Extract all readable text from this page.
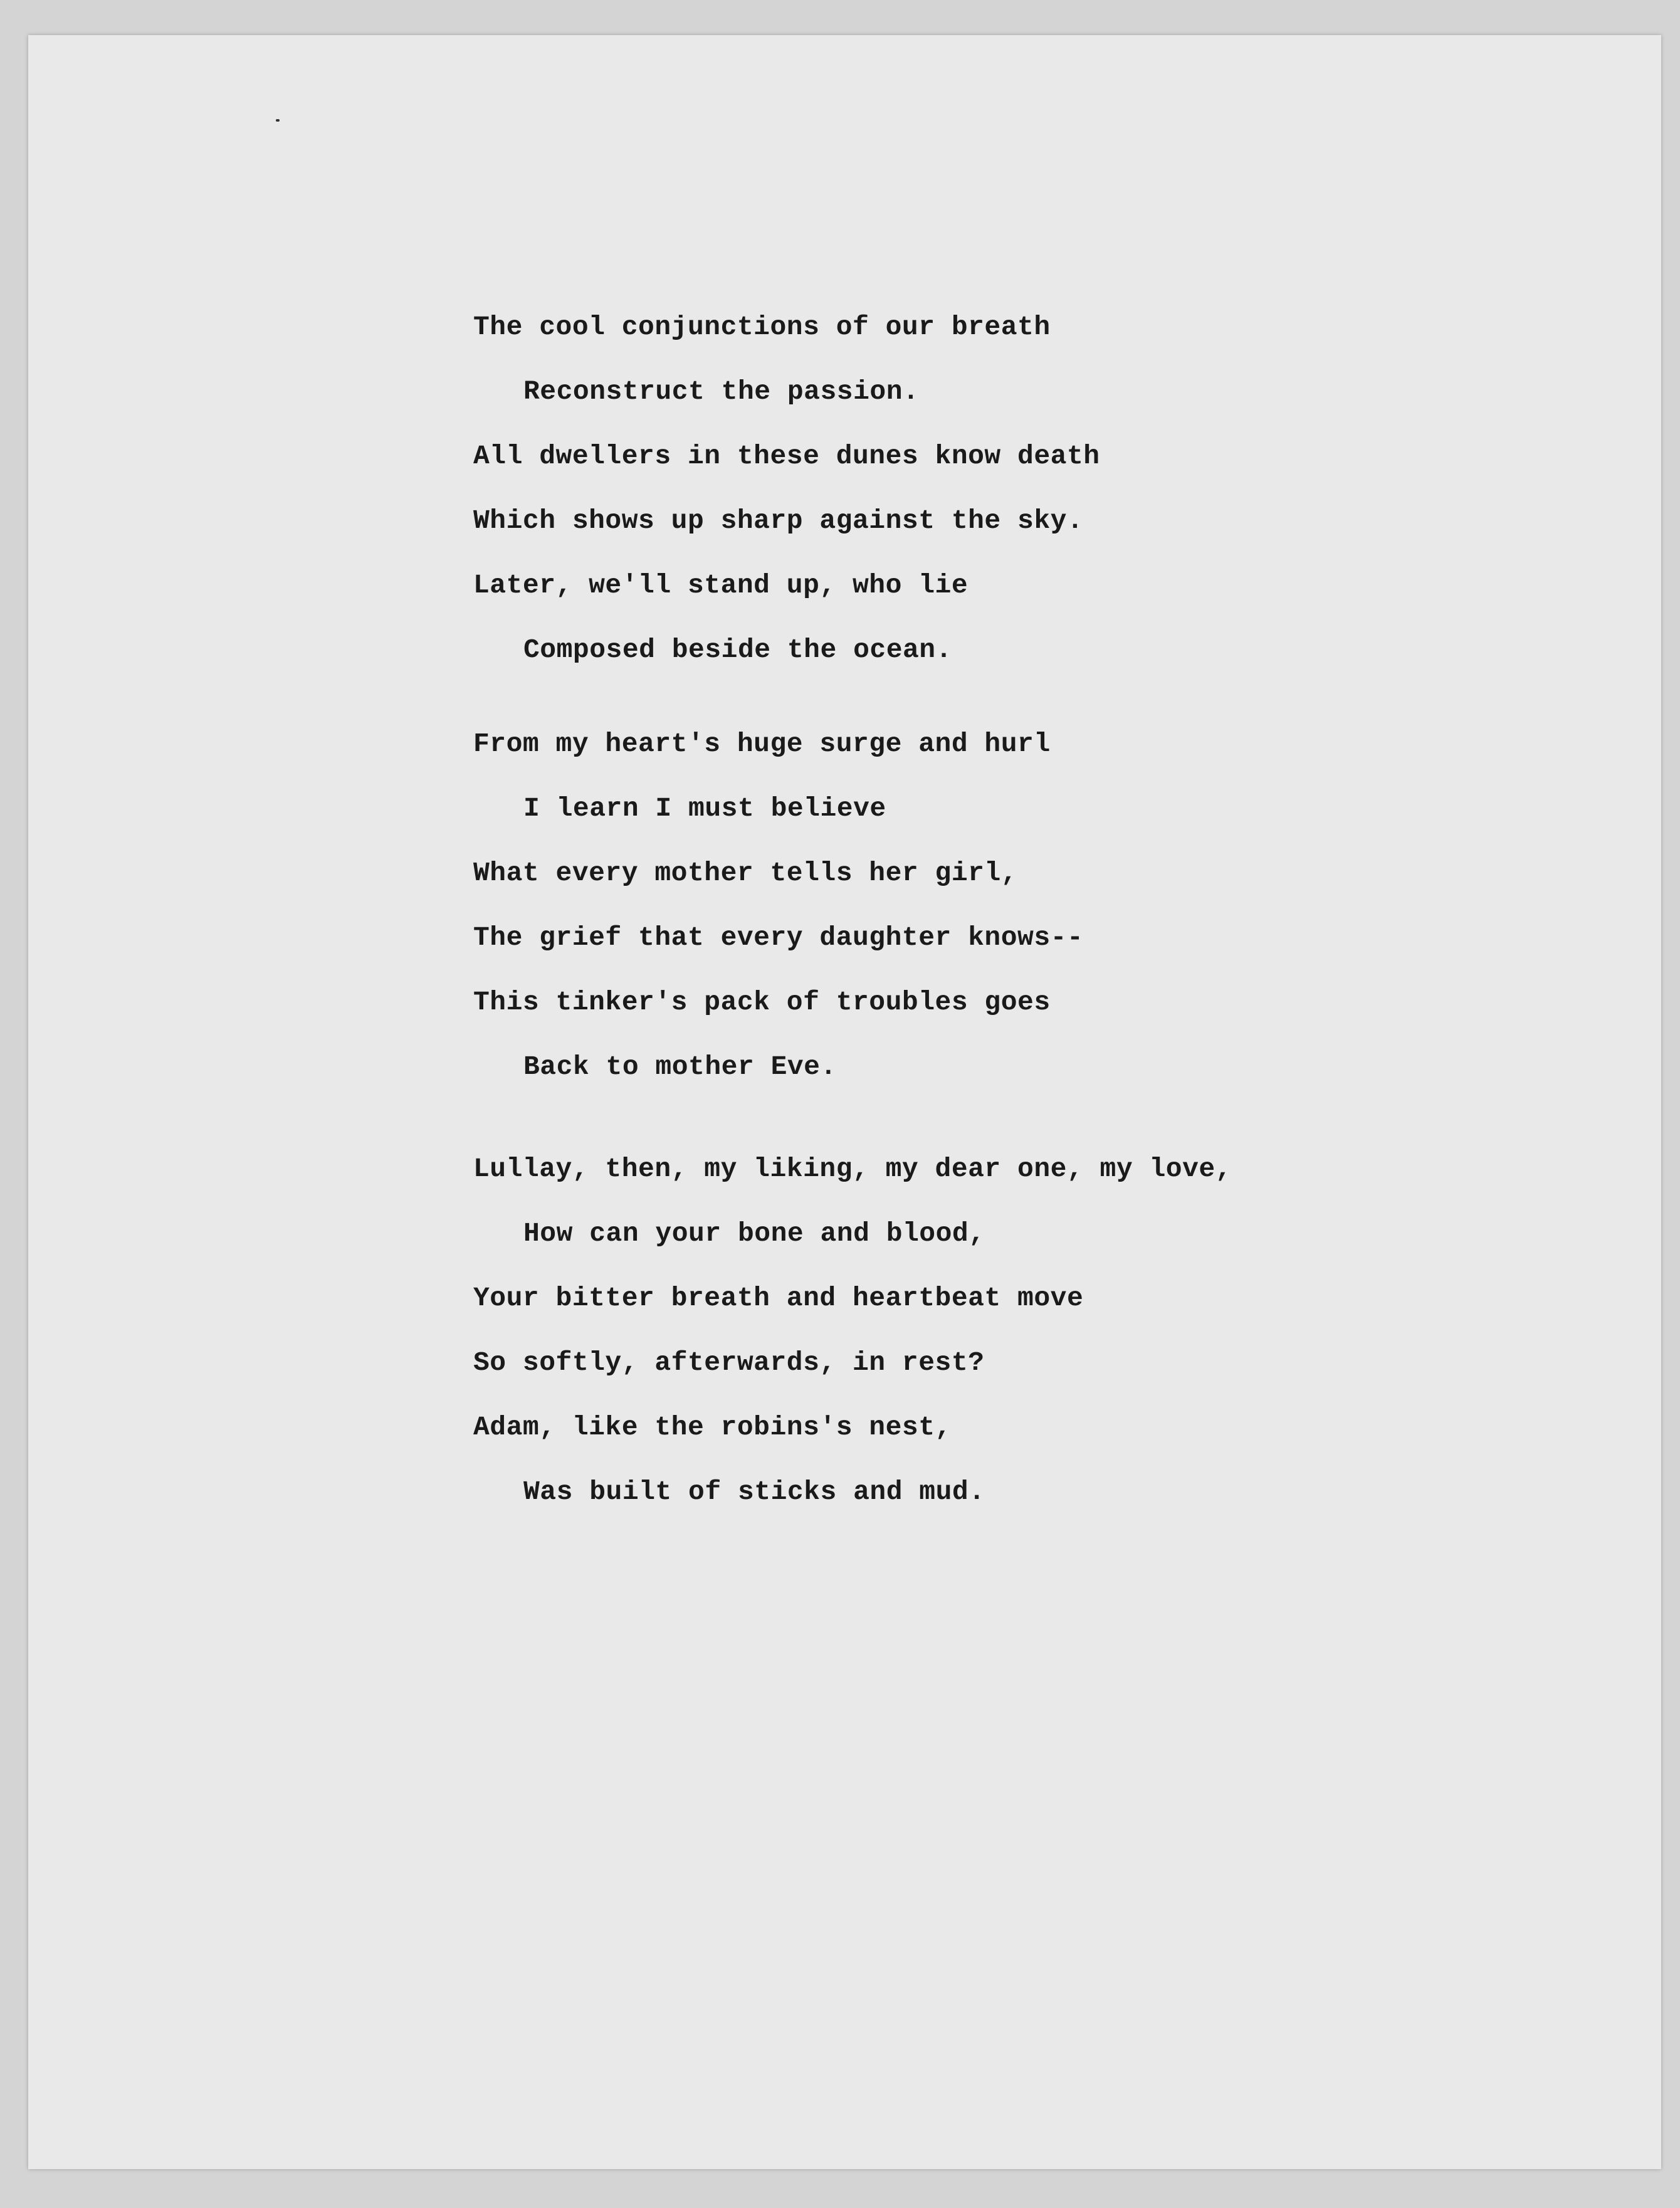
The cool conjunctions of our breath
Reconstruct the passion.
All dwellers in these dunes know death
Which shows up sharp against the sky.
Later, we'll stand up, who lie
Composed beside the ocean.
From my heart's huge surge and hurl
I learn I must believe
What every mother tells her girl,
The grief that every daughter knows--
This tinker's pack of troubles goes
Back to mother Eve.
Lullay, then, my liking, my dear one, my love,
How can your bone and blood,
Your bitter breath and heartbeat move
So softly, afterwards, in rest?
Adam, like the robins's nest,
Was built of sticks and mud.
